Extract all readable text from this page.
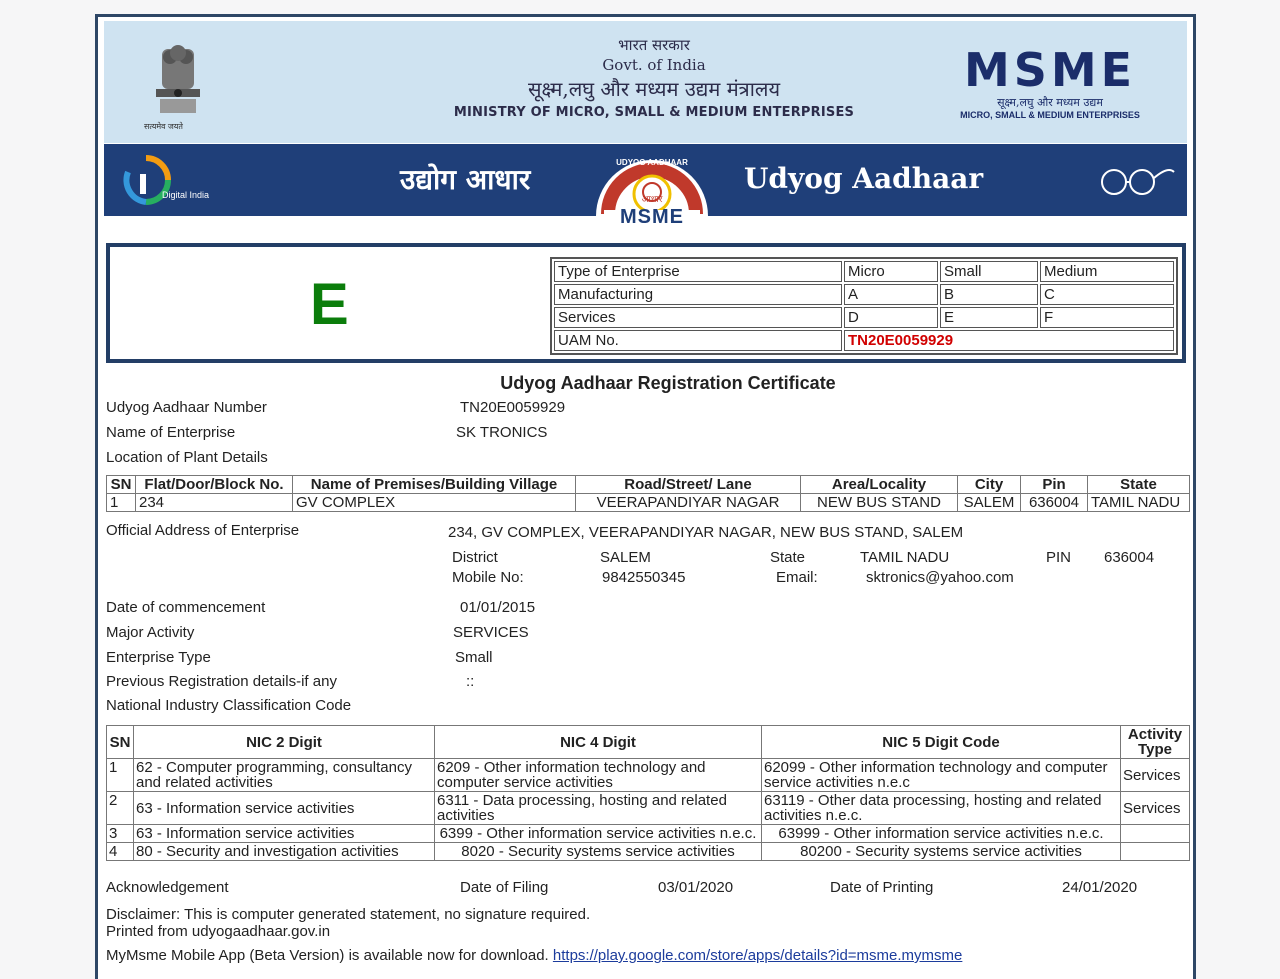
सत्यमेव जयते
भारत सरकार
Govt. of India
सूक्ष्म,लघु और मध्यम उद्यम मंत्रालय
MINISTRY OF MICRO, SMALL & MEDIUM ENTERPRISES
MSME
सूक्ष्म,लघु और मध्यम उद्यम
MICRO, SMALL & MEDIUM ENTERPRISES
Digital India	उद्योग आधार
UDYOG AADHAAR
आधार
MSME
Udyog Aadhaar
E
Type of Enterprise	Micro	Small	Medium
Manufacturing	A	B	C
Services	D	E	F
UAM No.	TN20E0059929		
Udyog Aadhaar Registration Certificate
Udyog Aadhaar Number	TN20E0059929
Name of Enterprise	SK TRONICS
Location of Plant Details
SN	Flat/Door/Block No.	Name of Premises/Building Village	Road/Street/ Lane	Area/Locality	City	Pin	State
1	234	GV COMPLEX	VEERAPANDIYAR NAGAR	NEW BUS STAND	SALEM	636004	TAMIL NADU
Official Address of Enterprise	234, GV COMPLEX, VEERAPANDIYAR NAGAR, NEW BUS STAND, SALEM
District	SALEM	State	TAMIL NADU	PIN 636004
Mobile No:	9842550345	Email:	sktronics@yahoo.com
Date of commencement	01/01/2015
Major Activity	SERVICES
Enterprise Type	Small
Previous Registration details-if any	::
National Industry Classification Code
SN	NIC 2 Digit	NIC 4 Digit	NIC 5 Digit Code	Activity Type
1	62 - Computer programming, consultancy and related activities	6209 - Other information technology and computer service activities	62099 - Other information technology and computer service activities n.e.c	Services
2	63 - Information service activities	6311 - Data processing, hosting and related activities	63119 - Other data processing, hosting and related activities n.e.c.	Services
3	63 - Information service activities	6399 - Other information service activities n.e.c.	63999 - Other information service activities n.e.c.	
4	80 - Security and investigation activities	8020 - Security systems service activities	80200 - Security systems service activities	
Acknowledgement	Date of Filing	03/01/2020	Date of Printing	24/01/2020
Disclaimer: This is computer generated statement, no signature required.
Printed from udyogaadhaar.gov.in
MyMsme Mobile App (Beta Version) is available now for download. https://play.google.com/store/apps/details?id=msme.mymsme
